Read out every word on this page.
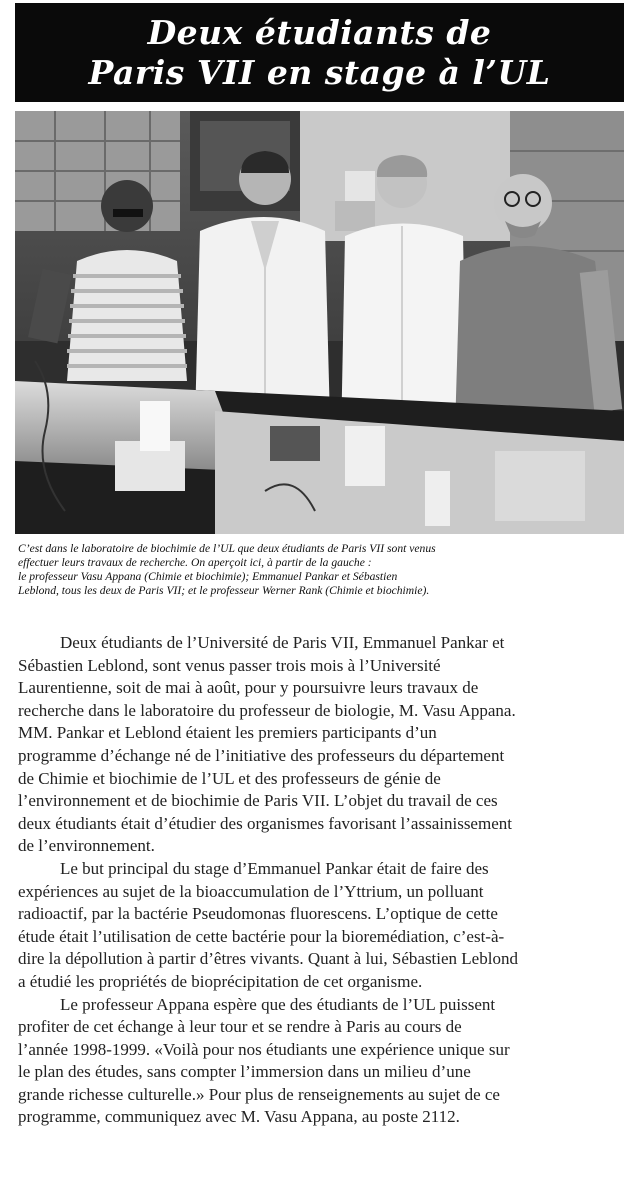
Deux étudiants de
Paris VII en stage à l’UL
C’est dans le laboratoire de biochimie de l’UL que deux étudiants de Paris VII sont venus
effectuer leurs travaux de recherche. On aperçoit ici, à partir de la gauche :
le professeur Vasu Appana (Chimie et biochimie); Emmanuel Pankar et Sébastien
Leblond, tous les deux de Paris VII; et le professeur Werner Rank (Chimie et biochimie).
Deux étudiants de l’Université de Paris VII, Emmanuel Pankar et
Sébastien Leblond, sont venus passer trois mois à l’Université
Laurentienne, soit de mai à août, pour y poursuivre leurs travaux de
recherche dans le laboratoire du professeur de biologie, M. Vasu Appana.
MM. Pankar et Leblond étaient les premiers participants d’un
programme d’échange né de l’initiative des professeurs du département
de Chimie et biochimie de l’UL et des professeurs de génie de
l’environnement et de biochimie de Paris VII. L’objet du travail de ces
deux étudiants était d’étudier des organismes favorisant l’assainissement
de l’environnement.
Le but principal du stage d’Emmanuel Pankar était de faire des
expériences au sujet de la bioaccumulation de l’Yttrium, un polluant
radioactif, par la bactérie Pseudomonas fluorescens. L’optique de cette
étude était l’utilisation de cette bactérie pour la bioremédiation, c’est-à-
dire la dépollution à partir d’êtres vivants. Quant à lui, Sébastien Leblond
a étudié les propriétés de bioprécipitation de cet organisme.
Le professeur Appana espère que des étudiants de l’UL puissent
profiter de cet échange à leur tour et se rendre à Paris au cours de
l’année 1998-1999. «Voilà pour nos étudiants une expérience unique sur
le plan des études, sans compter l’immersion dans un milieu d’une
grande richesse culturelle.» Pour plus de renseignements au sujet de ce
programme, communiquez avec M. Vasu Appana, au poste 2112.
